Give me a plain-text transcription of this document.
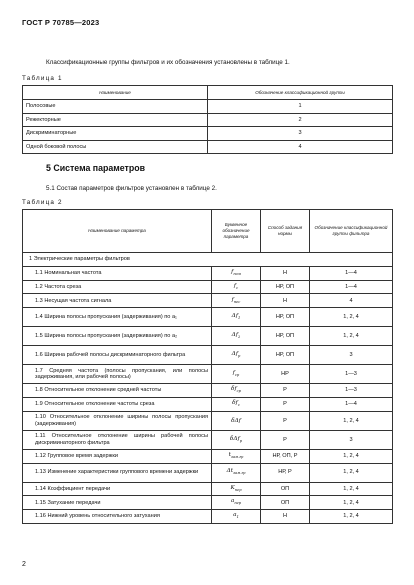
ГОСТ Р 70785—2023
Классификационные группы фильтров и их обозначения установлены в таблице 1.
Таблица 1
Наименование	Обозначение классификационной группы
Полосовые	1
Режекторные	2
Дискриминаторные	3
Одной боковой полосы	4
5 Система параметров
5.1 Состав параметров фильтров установлен в таблице 2.
Таблица 2
Наименование параметра	Буквенное обозначение параметра	Способ задания нормы	Обозначение классификационной группы фильтра
1 Электрические параметры фильтров			
1.1 Номинальная частота	$f_{ном}$	Н	1—4
1.2 Частота среза	$f_c$	НР, ОП	1—4
1.3 Несущая частота сигнала	$f_{нес}$	Н	4
1.4 Ширина полосы пропускания (задерживания) по a₁	$\Delta f_1$	НР, ОП	1, 2, 4
1.5 Ширина полосы пропускания (задерживания) по a₂	$\Delta f_2$	НР, ОП	1, 2, 4
1.6 Ширина рабочей полосы дискриминаторного фильтра	$\Delta f_р$	НР, ОП	3
1.7 Средняя частота (полосы пропускания, или полосы задерживания, или рабочей полосы)	$f_{ср}$	НР	1—3
1.8 Относительное отклонение средней частоты	$\delta f_{ср}$	Р	1—3
1.9 Относительное отклонение частоты среза	$\delta f_c$	Р	1—4
1.10 Относительное отклонение ширины полосы пропускания (задерживания)	δΔf	Р	1, 2, 4
1.11 Относительное отклонение ширины рабочей полосы дискриминаторного фильтра	δΔf$_р$	Р	3
1.12 Групповое время задержки	$t_{зам.гр}$	НР, ОП, Р	1, 2, 4
1.13 Изменение характеристики группового времени задержки	$\Delta t_{зам.гр}$	НР, Р	1, 2, 4
1.14 Коэффициент передачи	$K_{пер}$	ОП	1, 2, 4
1.15 Затухание передачи	$a_{пер}$	ОП	1, 2, 4
1.16 Нижний уровень относительного затухания	$a_1$	Н	1, 2, 4
2
